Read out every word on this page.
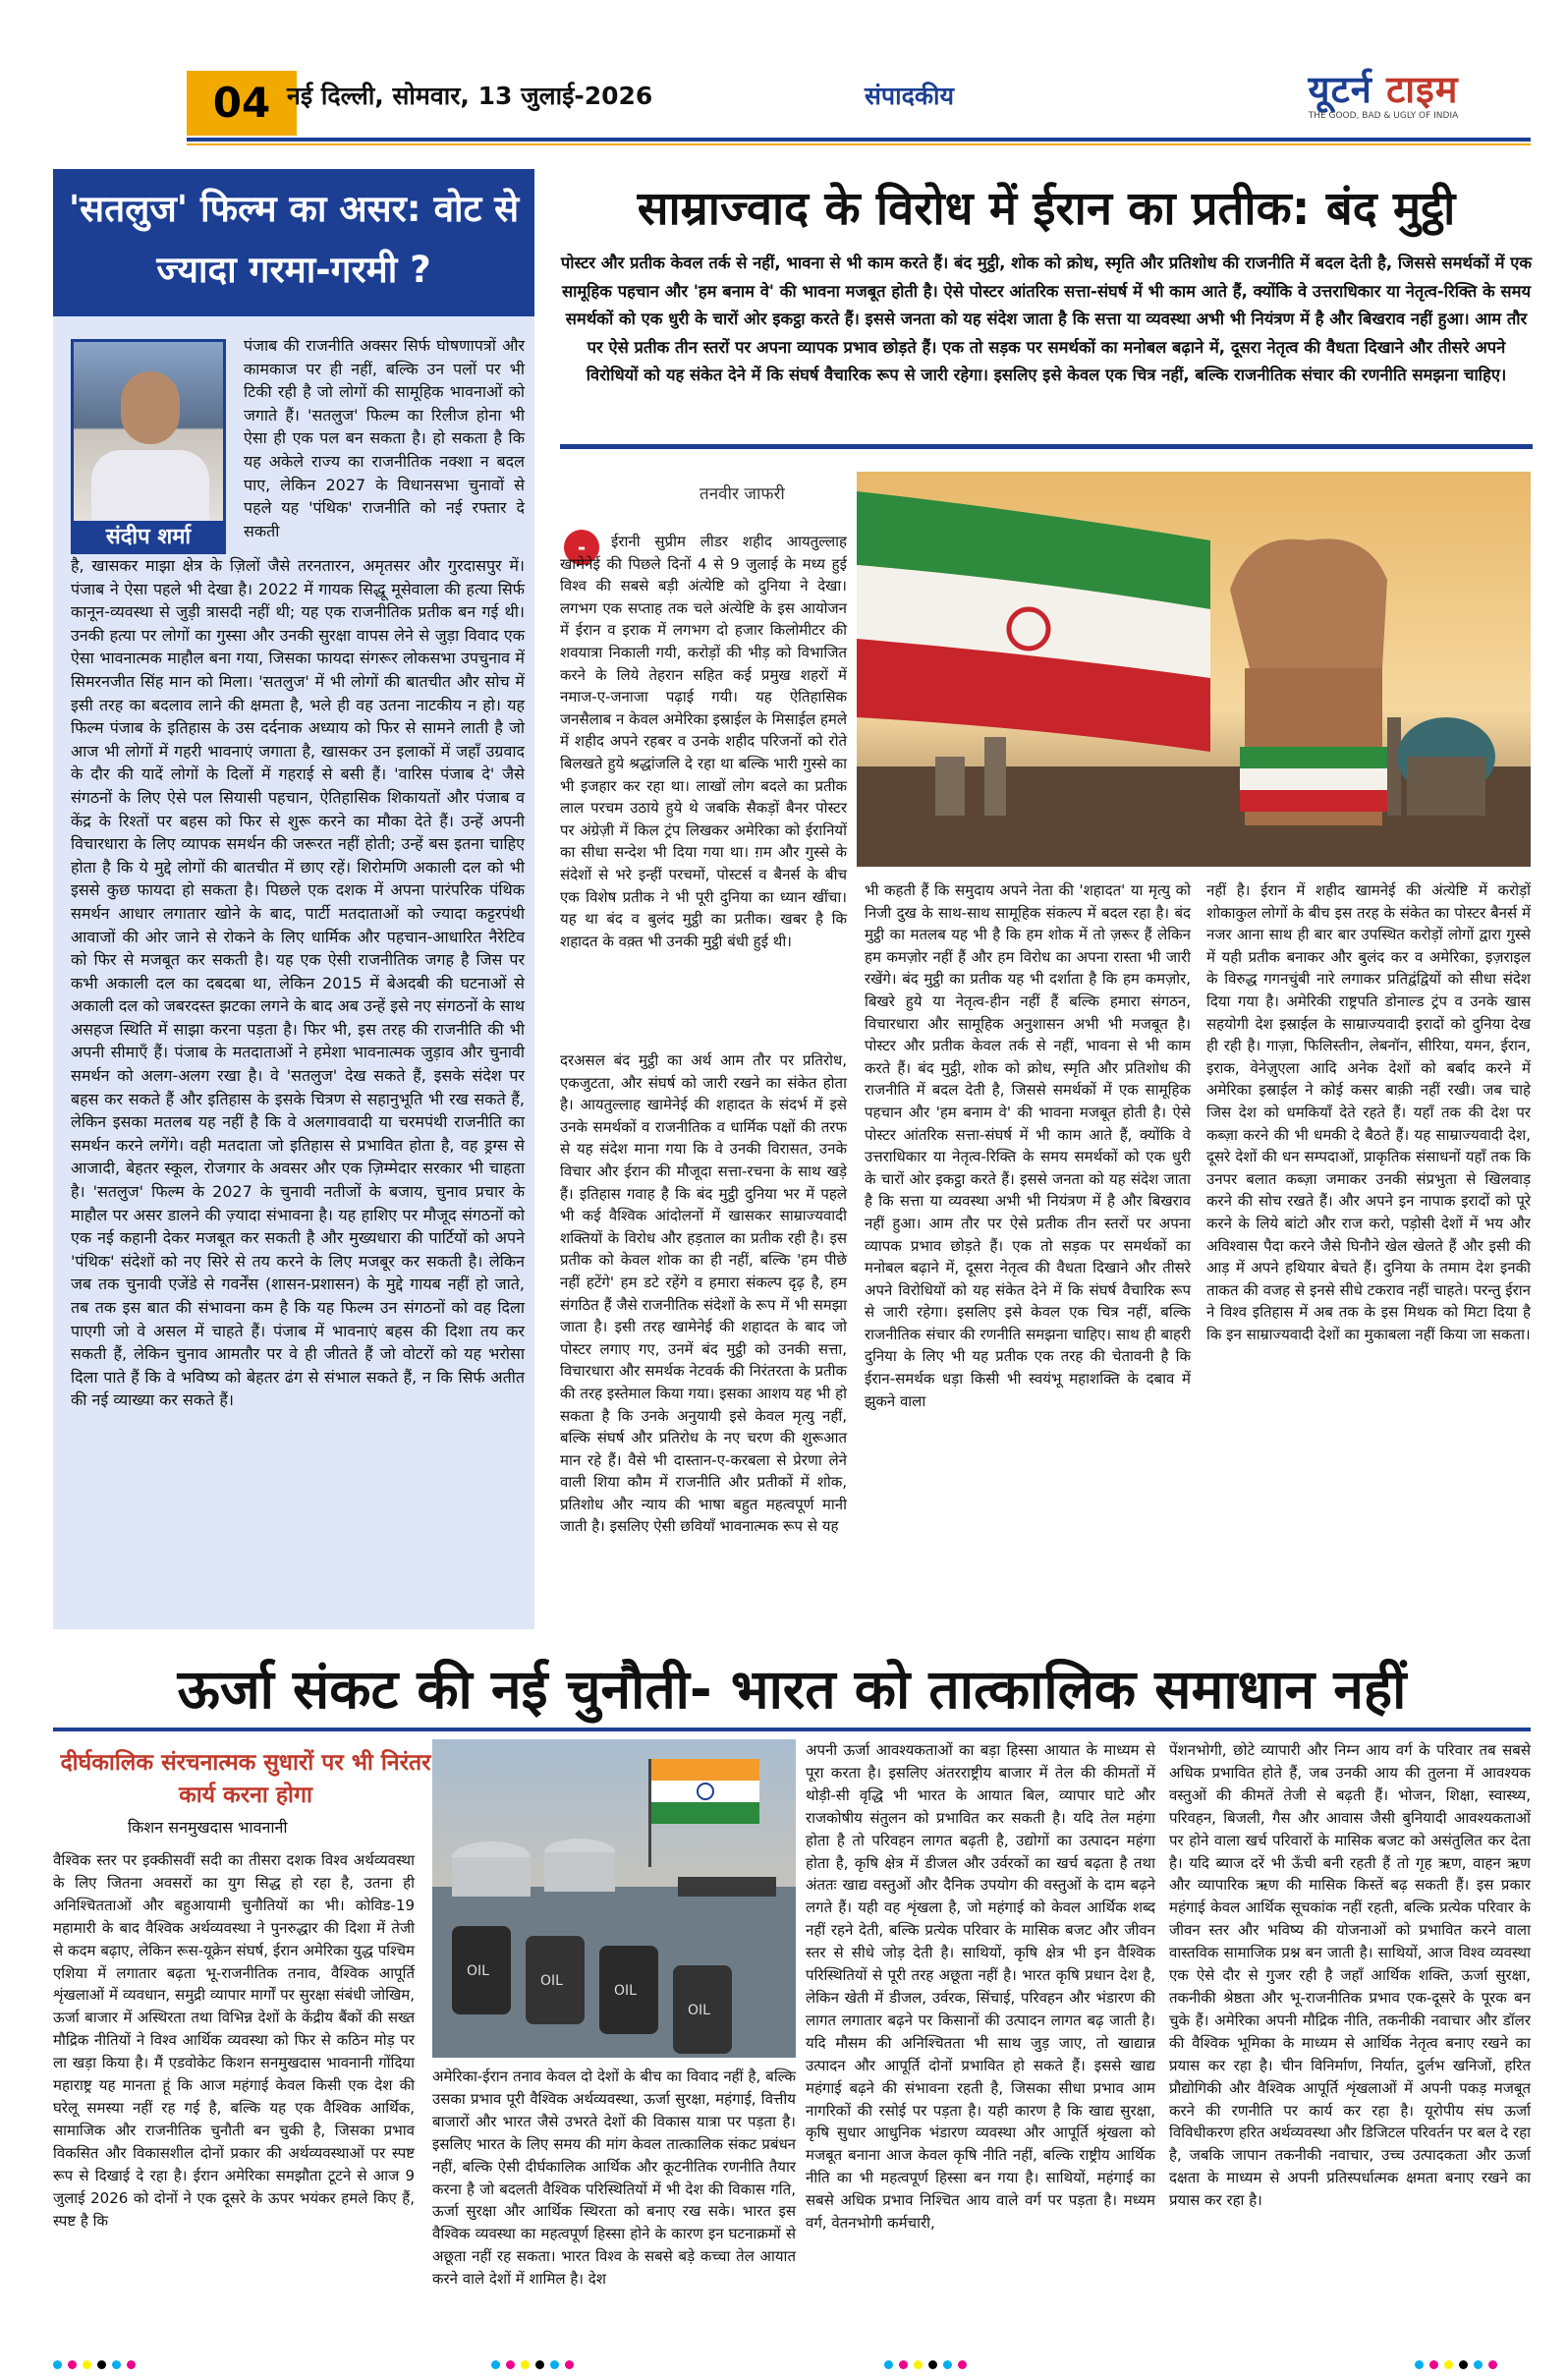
04 नई दिल्ली, सोमवार, 13 जुलाई-2026	संपादकीय	यूटर्न टाइम
THE GOOD, BAD & UGLY OF INDIA
'सतलुज' फिल्म का असर: वोट से ज्यादा गरमा-गरमी ?
संदीप शर्मा
पंजाब की राजनीति अक्सर सिर्फ घोषणापत्रों और कामकाज पर ही नहीं, बल्कि उन पलों पर भी टिकी रही है जो लोगों की सामूहिक भावनाओं को जगाते हैं। 'सतलुज' फिल्म का रिलीज होना भी ऐसा ही एक पल बन सकता है। हो सकता है कि यह अकेले राज्य का राजनीतिक नक्शा न बदल पाए, लेकिन 2027 के विधानसभा चुनावों से पहले यह 'पंथिक' राजनीति को नई रफ्तार दे सकती
है, खासकर माझा क्षेत्र के ज़िलों जैसे तरनतारन, अमृतसर और गुरदासपुर में। पंजाब ने ऐसा पहले भी देखा है। 2022 में गायक सिद्धू मूसेवाला की हत्या सिर्फ कानून-व्यवस्था से जुड़ी त्रासदी नहीं थी; यह एक राजनीतिक प्रतीक बन गई थी। उनकी हत्या पर लोगों का गुस्सा और उनकी सुरक्षा वापस लेने से जुड़ा विवाद एक ऐसा भावनात्मक माहौल बना गया, जिसका फायदा संगरूर लोकसभा उपचुनाव में सिमरनजीत सिंह मान को मिला। 'सतलुज' में भी लोगों की बातचीत और सोच में इसी तरह का बदलाव लाने की क्षमता है, भले ही वह उतना नाटकीय न हो। यह फिल्म पंजाब के इतिहास के उस दर्दनाक अध्याय को फिर से सामने लाती है जो आज भी लोगों में गहरी भावनाएं जगाता है, खासकर उन इलाकों में जहाँ उग्रवाद के दौर की यादें लोगों के दिलों में गहराई से बसी हैं। 'वारिस पंजाब दे' जैसे संगठनों के लिए ऐसे पल सियासी पहचान, ऐतिहासिक शिकायतों और पंजाब व केंद्र के रिश्तों पर बहस को फिर से शुरू करने का मौका देते हैं। उन्हें अपनी विचारधारा के लिए व्यापक समर्थन की जरूरत नहीं होती; उन्हें बस इतना चाहिए होता है कि ये मुद्दे लोगों की बातचीत में छाए रहें। शिरोमणि अकाली दल को भी इससे कुछ फायदा हो सकता है। पिछले एक दशक में अपना पारंपरिक पंथिक समर्थन आधार लगातार खोने के बाद, पार्टी मतदाताओं को ज्यादा कट्टरपंथी आवाजों की ओर जाने से रोकने के लिए धार्मिक और पहचान-आधारित नैरेटिव को फिर से मजबूत कर सकती है। यह एक ऐसी राजनीतिक जगह है जिस पर कभी अकाली दल का दबदबा था, लेकिन 2015 में बेअदबी की घटनाओं से अकाली दल को जबरदस्त झटका लगने के बाद अब उन्हें इसे नए संगठनों के साथ असहज स्थिति में साझा करना पड़ता है। फिर भी, इस तरह की राजनीति की भी अपनी सीमाएँ हैं। पंजाब के मतदाताओं ने हमेशा भावनात्मक जुड़ाव और चुनावी समर्थन को अलग-अलग रखा है। वे 'सतलुज' देख सकते हैं, इसके संदेश पर बहस कर सकते हैं और इतिहास के इसके चित्रण से सहानुभूति भी रख सकते हैं, लेकिन इसका मतलब यह नहीं है कि वे अलगाववादी या चरमपंथी राजनीति का समर्थन करने लगेंगे। वही मतदाता जो इतिहास से प्रभावित होता है, वह ड्रग्स से आजादी, बेहतर स्कूल, रोजगार के अवसर और एक ज़िम्मेदार सरकार भी चाहता है। 'सतलुज' फिल्म के 2027 के चुनावी नतीजों के बजाय, चुनाव प्रचार के माहौल पर असर डालने की ज़्यादा संभावना है। यह हाशिए पर मौजूद संगठनों को एक नई कहानी देकर मजबूत कर सकती है और मुख्यधारा की पार्टियों को अपने 'पंथिक' संदेशों को नए सिरे से तय करने के लिए मजबूर कर सकती है। लेकिन जब तक चुनावी एजेंडे से गवर्नेंस (शासन-प्रशासन) के मुद्दे गायब नहीं हो जाते, तब तक इस बात की संभावना कम है कि यह फिल्म उन संगठनों को वह दिला पाएगी जो वे असल में चाहते हैं। पंजाब में भावनाएं बहस की दिशा तय कर सकती हैं, लेकिन चुनाव आमतौर पर वे ही जीतते हैं जो वोटरों को यह भरोसा दिला पाते हैं कि वे भविष्य को बेहतर ढंग से संभाल सकते हैं, न कि सिर्फ अतीत की नई व्याख्या कर सकते हैं।
साम्राज्वाद के विरोध में ईरान का प्रतीक: बंद मुट्ठी
पोस्टर और प्रतीक केवल तर्क से नहीं, भावना से भी काम करते हैं। बंद मुट्ठी, शोक को क्रोध, स्मृति और प्रतिशोध की राजनीति में बदल देती है, जिससे समर्थकों में एक सामूहिक पहचान और 'हम बनाम वे' की भावना मजबूत होती है। ऐसे पोस्टर आंतरिक सत्ता-संघर्ष में भी काम आते हैं, क्योंकि वे उत्तराधिकार या नेतृत्व-रिक्ति के समय समर्थकों को एक धुरी के चारों ओर इकट्ठा करते हैं। इससे जनता को यह संदेश जाता है कि सत्ता या व्यवस्था अभी भी नियंत्रण में है और बिखराव नहीं हुआ। आम तौर पर ऐसे प्रतीक तीन स्तरों पर अपना व्यापक प्रभाव छोड़ते हैं। एक तो सड़क पर समर्थकों का मनोबल बढ़ाने में, दूसरा नेतृत्व की वैधता दिखाने और तीसरे अपने विरोधियों को यह संकेत देने में कि संघर्ष वैचारिक रूप से जारी रहेगा। इसलिए इसे केवल एक चित्र नहीं, बल्कि राजनीतिक संचार की रणनीति समझना चाहिए।
तनवीर जाफरी
-	ईरानी सुप्रीम लीडर शहीद आयतुल्लाह खामेनेई की पिछले दिनों 4 से 9 जुलाई के मध्य हुई विश्व की सबसे बड़ी अंत्येष्टि को दुनिया ने देखा। लगभग एक सप्ताह तक चले अंत्येष्टि के इस आयोजन में ईरान व इराक में लगभग दो हजार किलोमीटर की शवयात्रा निकाली गयी, करोड़ों की भीड़ को विभाजित करने के लिये तेहरान सहित कई प्रमुख शहरों में नमाज-ए-जनाजा पढ़ाई गयी। यह ऐतिहासिक जनसैलाब न केवल अमेरिका इस्राईल के मिसाईल हमले में शहीद अपने रहबर व उनके शहीद परिजनों को रोते बिलखते हुये श्रद्धांजलि दे रहा था बल्कि भारी गुस्से का भी इजहार कर रहा था। लाखों लोग बदले का प्रतीक लाल परचम उठाये हुये थे जबकि सैकड़ों बैनर पोस्टर पर अंग्रेज़ी में किल ट्रंप लिखकर अमेरिका को ईरानियों का सीधा सन्देश भी दिया गया था। ग़म और गुस्से के संदेशों से भरे इन्हीं परचमों, पोस्टर्स व बैनर्स के बीच एक विशेष प्रतीक ने भी पूरी दुनिया का ध्यान खींचा। यह था बंद व बुलंद मुट्ठी का प्रतीक। खबर है कि शहादत के वक़्त भी उनकी मुट्ठी बंधी हुई थी।
दरअसल बंद मुट्ठी का अर्थ आम तौर पर प्रतिरोध, एकजुटता, और संघर्ष को जारी रखने का संकेत होता है। आयतुल्लाह खामेनेई की शहादत के संदर्भ में इसे उनके समर्थकों व राजनीतिक व धार्मिक पक्षों की तरफ से यह संदेश माना गया कि वे उनकी विरासत, उनके विचार और ईरान की मौजूदा सत्ता-रचना के साथ खड़े हैं। इतिहास गवाह है कि बंद मुट्ठी दुनिया भर में पहले भी कई वैश्विक आंदोलनों में खासकर साम्राज्यवादी शक्तियों के विरोध और हड़ताल का प्रतीक रही है। इस प्रतीक को केवल शोक का ही नहीं, बल्कि 'हम पीछे नहीं हटेंगे' हम डटे रहेंगे व हमारा संकल्प दृढ़ है, हम संगठित हैं जैसे राजनीतिक संदेशों के रूप में भी समझा जाता है। इसी तरह खामेनेई की शहादत के बाद जो पोस्टर लगाए गए, उनमें बंद मुट्ठी को उनकी सत्ता, विचारधारा और समर्थक नेटवर्क की निरंतरता के प्रतीक की तरह इस्तेमाल किया गया। इसका आशय यह भी हो सकता है कि उनके अनुयायी इसे केवल मृत्यु नहीं, बल्कि संघर्ष और प्रतिरोध के नए चरण की शुरूआत मान रहे हैं। वैसे भी दास्तान-ए-करबला से प्रेरणा लेने वाली शिया कौम में राजनीति और प्रतीकों में शोक, प्रतिशोध और न्याय की भाषा बहुत महत्वपूर्ण मानी जाती है। इसलिए ऐसी छवियाँ भावनात्मक रूप से यह
भी कहती हैं कि समुदाय अपने नेता की 'शहादत' या मृत्यु को निजी दुख के साथ-साथ सामूहिक संकल्प में बदल रहा है। बंद मुट्ठी का मतलब यह भी है कि हम शोक में तो ज़रूर हैं लेकिन हम कमज़ोर नहीं हैं और हम विरोध का अपना रास्ता भी जारी रखेंगे। बंद मुट्ठी का प्रतीक यह भी दर्शाता है कि हम कमज़ोर, बिखरे हुये या नेतृत्व-हीन नहीं हैं बल्कि हमारा संगठन, विचारधारा और सामूहिक अनुशासन अभी भी मजबूत है। पोस्टर और प्रतीक केवल तर्क से नहीं, भावना से भी काम करते हैं। बंद मुट्ठी, शोक को क्रोध, स्मृति और प्रतिशोध की राजनीति में बदल देती है, जिससे समर्थकों में एक सामूहिक पहचान और 'हम बनाम वे' की भावना मजबूत होती है। ऐसे पोस्टर आंतरिक सत्ता-संघर्ष में भी काम आते हैं, क्योंकि वे उत्तराधिकार या नेतृत्व-रिक्ति के समय समर्थकों को एक धुरी के चारों ओर इकट्ठा करते हैं। इससे जनता को यह संदेश जाता है कि सत्ता या व्यवस्था अभी भी नियंत्रण में है और बिखराव नहीं हुआ। आम तौर पर ऐसे प्रतीक तीन स्तरों पर अपना व्यापक प्रभाव छोड़ते हैं। एक तो सड़क पर समर्थकों का मनोबल बढ़ाने में, दूसरा नेतृत्व की वैधता दिखाने और तीसरे अपने विरोधियों को यह संकेत देने में कि संघर्ष वैचारिक रूप से जारी रहेगा। इसलिए इसे केवल एक चित्र नहीं, बल्कि राजनीतिक संचार की रणनीति समझना चाहिए। साथ ही बाहरी दुनिया के लिए भी यह प्रतीक एक तरह की चेतावनी है कि ईरान-समर्थक धड़ा किसी भी स्वयंभू महाशक्ति के दबाव में झुकने वाला
नहीं है। ईरान में शहीद खामनेई की अंत्येष्टि में करोड़ों शोकाकुल लोगों के बीच इस तरह के संकेत का पोस्टर बैनर्स में नजर आना साथ ही बार बार उपस्थित करोड़ों लोगों द्वारा गुस्से में यही प्रतीक बनाकर और बुलंद कर व अमेरिका, इज़राइल के विरुद्ध गगनचुंबी नारे लगाकर प्रतिद्वंद्वियों को सीधा संदेश दिया गया है। अमेरिकी राष्ट्रपति डोनाल्ड ट्रंप व उनके खास सहयोगी देश इस्राईल के साम्राज्यवादी इरादों को दुनिया देख ही रही है। गाज़ा, फिलिस्तीन, लेबनॉन, सीरिया, यमन, ईरान, इराक, वेनेज़ुएला आदि अनेक देशों को बर्बाद करने में अमेरिका इस्राईल ने कोई कसर बाक़ी नहीं रखी। जब चाहे जिस देश को धमकियाँ देते रहते हैं। यहाँ तक की देश पर कब्ज़ा करने की भी धमकी दे बैठते हैं। यह साम्राज्यवादी देश, दूसरे देशों की धन सम्पदाओं, प्राकृतिक संसाधनों यहाँ तक कि उनपर बलात कब्ज़ा जमाकर उनकी संप्रभुता से खिलवाड़ करने की सोच रखते हैं। और अपने इन नापाक इरादों को पूरे करने के लिये बांटो और राज करो, पड़ोसी देशों में भय और अविश्वास पैदा करने जैसे घिनौने खेल खेलते हैं और इसी की आड़ में अपने हथियार बेचते हैं। दुनिया के तमाम देश इनकी ताकत की वजह से इनसे सीधे टकराव नहीं चाहते। परन्तु ईरान ने विश्व इतिहास में अब तक के इस मिथक को मिटा दिया है कि इन साम्राज्यवादी देशों का मुकाबला नहीं किया जा सकता।
ऊर्जा संकट की नई चुनौती- भारत को तात्कालिक समाधान नहीं
दीर्घकालिक संरचनात्मक सुधारों पर भी निरंतर कार्य करना होगा
किशन सनमुखदास भावनानी
वैश्विक स्तर पर इक्कीसवीं सदी का तीसरा दशक विश्व अर्थव्यवस्था के लिए जितना अवसरों का युग सिद्ध हो रहा है, उतना ही अनिश्चितताओं और बहुआयामी चुनौतियों का भी। कोविड-19 महामारी के बाद वैश्विक अर्थव्यवस्था ने पुनरुद्धार की दिशा में तेजी से कदम बढ़ाए, लेकिन रूस-यूक्रेन संघर्ष, ईरान अमेरिका युद्ध पश्चिम एशिया में लगातार बढ़ता भू-राजनीतिक तनाव, वैश्विक आपूर्ति शृंखलाओं में व्यवधान, समुद्री व्यापार मार्गों पर सुरक्षा संबंधी जोखिम, ऊर्जा बाजार में अस्थिरता तथा विभिन्न देशों के केंद्रीय बैंकों की सख्त मौद्रिक नीतियों ने विश्व आर्थिक व्यवस्था को फिर से कठिन मोड़ पर ला खड़ा किया है। मैं एडवोकेट किशन सनमुखदास भावनानी गोंदिया महाराष्ट्र यह मानता हूं कि आज महंगाई केवल किसी एक देश की घरेलू समस्या नहीं रह गई है, बल्कि यह एक वैश्विक आर्थिक, सामाजिक और राजनीतिक चुनौती बन चुकी है, जिसका प्रभाव विकसित और विकासशील दोनों प्रकार की अर्थव्यवस्थाओं पर स्पष्ट रूप से दिखाई दे रहा है। ईरान अमेरिका समझौता टूटने से आज 9 जुलाई 2026 को दोनों ने एक दूसरे के ऊपर भयंकर हमले किए हैं, स्पष्ट है कि
OIL
OIL
OIL
OIL
अमेरिका-ईरान तनाव केवल दो देशों के बीच का विवाद नहीं है, बल्कि उसका प्रभाव पूरी वैश्विक अर्थव्यवस्था, ऊर्जा सुरक्षा, महंगाई, वित्तीय बाजारों और भारत जैसे उभरते देशों की विकास यात्रा पर पड़ता है। इसलिए भारत के लिए समय की मांग केवल तात्कालिक संकट प्रबंधन नहीं, बल्कि ऐसी दीर्घकालिक आर्थिक और कूटनीतिक रणनीति तैयार करना है जो बदलती वैश्विक परिस्थितियों में भी देश की विकास गति, ऊर्जा सुरक्षा और आर्थिक स्थिरता को बनाए रख सके। भारत इस वैश्विक व्यवस्था का महत्वपूर्ण हिस्सा होने के कारण इन घटनाक्रमों से अछूता नहीं रह सकता। भारत विश्व के सबसे बड़े कच्चा तेल आयात करने वाले देशों में शामिल है। देश
अपनी ऊर्जा आवश्यकताओं का बड़ा हिस्सा आयात के माध्यम से पूरा करता है। इसलिए अंतरराष्ट्रीय बाजार में तेल की कीमतों में थोड़ी-सी वृद्धि भी भारत के आयात बिल, व्यापार घाटे और राजकोषीय संतुलन को प्रभावित कर सकती है। यदि तेल महंगा होता है तो परिवहन लागत बढ़ती है, उद्योगों का उत्पादन महंगा होता है, कृषि क्षेत्र में डीजल और उर्वरकों का खर्च बढ़ता है तथा अंततः खाद्य वस्तुओं और दैनिक उपयोग की वस्तुओं के दाम बढ़ने लगते हैं। यही वह शृंखला है, जो महंगाई को केवल आर्थिक शब्द नहीं रहने देती, बल्कि प्रत्येक परिवार के मासिक बजट और जीवन स्तर से सीधे जोड़ देती है। साथियों, कृषि क्षेत्र भी इन वैश्विक परिस्थितियों से पूरी तरह अछूता नहीं है। भारत कृषि प्रधान देश है, लेकिन खेती में डीजल, उर्वरक, सिंचाई, परिवहन और भंडारण की लागत लगातार बढ़ने पर किसानों की उत्पादन लागत बढ़ जाती है। यदि मौसम की अनिश्चितता भी साथ जुड़ जाए, तो खाद्यान्न उत्पादन और आपूर्ति दोनों प्रभावित हो सकते हैं। इससे खाद्य महंगाई बढ़ने की संभावना रहती है, जिसका सीधा प्रभाव आम नागरिकों की रसोई पर पड़ता है। यही कारण है कि खाद्य सुरक्षा, कृषि सुधार आधुनिक भंडारण व्यवस्था और आपूर्ति श्रृंखला को मजबूत बनाना आज केवल कृषि नीति नहीं, बल्कि राष्ट्रीय आर्थिक नीति का भी महत्वपूर्ण हिस्सा बन गया है। साथियों, महंगाई का सबसे अधिक प्रभाव निश्चित आय वाले वर्ग पर पड़ता है। मध्यम वर्ग, वेतनभोगी कर्मचारी,
पेंशनभोगी, छोटे व्यापारी और निम्न आय वर्ग के परिवार तब सबसे अधिक प्रभावित होते हैं, जब उनकी आय की तुलना में आवश्यक वस्तुओं की कीमतें तेजी से बढ़ती हैं। भोजन, शिक्षा, स्वास्थ्य, परिवहन, बिजली, गैस और आवास जैसी बुनियादी आवश्यकताओं पर होने वाला खर्च परिवारों के मासिक बजट को असंतुलित कर देता है। यदि ब्याज दरें भी ऊँची बनी रहती हैं तो गृह ऋण, वाहन ऋण और व्यापारिक ऋण की मासिक किस्तें बढ़ सकती हैं। इस प्रकार महंगाई केवल आर्थिक सूचकांक नहीं रहती, बल्कि प्रत्येक परिवार के जीवन स्तर और भविष्य की योजनाओं को प्रभावित करने वाला वास्तविक सामाजिक प्रश्न बन जाती है। साथियों, आज विश्व व्यवस्था एक ऐसे दौर से गुजर रही है जहाँ आर्थिक शक्ति, ऊर्जा सुरक्षा, तकनीकी श्रेष्ठता और भू-राजनीतिक प्रभाव एक-दूसरे के पूरक बन चुके हैं। अमेरिका अपनी मौद्रिक नीति, तकनीकी नवाचार और डॉलर की वैश्विक भूमिका के माध्यम से आर्थिक नेतृत्व बनाए रखने का प्रयास कर रहा है। चीन विनिर्माण, निर्यात, दुर्लभ खनिजों, हरित प्रौद्योगिकी और वैश्विक आपूर्ति शृंखलाओं में अपनी पकड़ मजबूत करने की रणनीति पर कार्य कर रहा है। यूरोपीय संघ ऊर्जा विविधीकरण हरित अर्थव्यवस्था और डिजिटल परिवर्तन पर बल दे रहा है, जबकि जापान तकनीकी नवाचार, उच्च उत्पादकता और ऊर्जा दक्षता के माध्यम से अपनी प्रतिस्पर्धात्मक क्षमता बनाए रखने का प्रयास कर रहा है।
